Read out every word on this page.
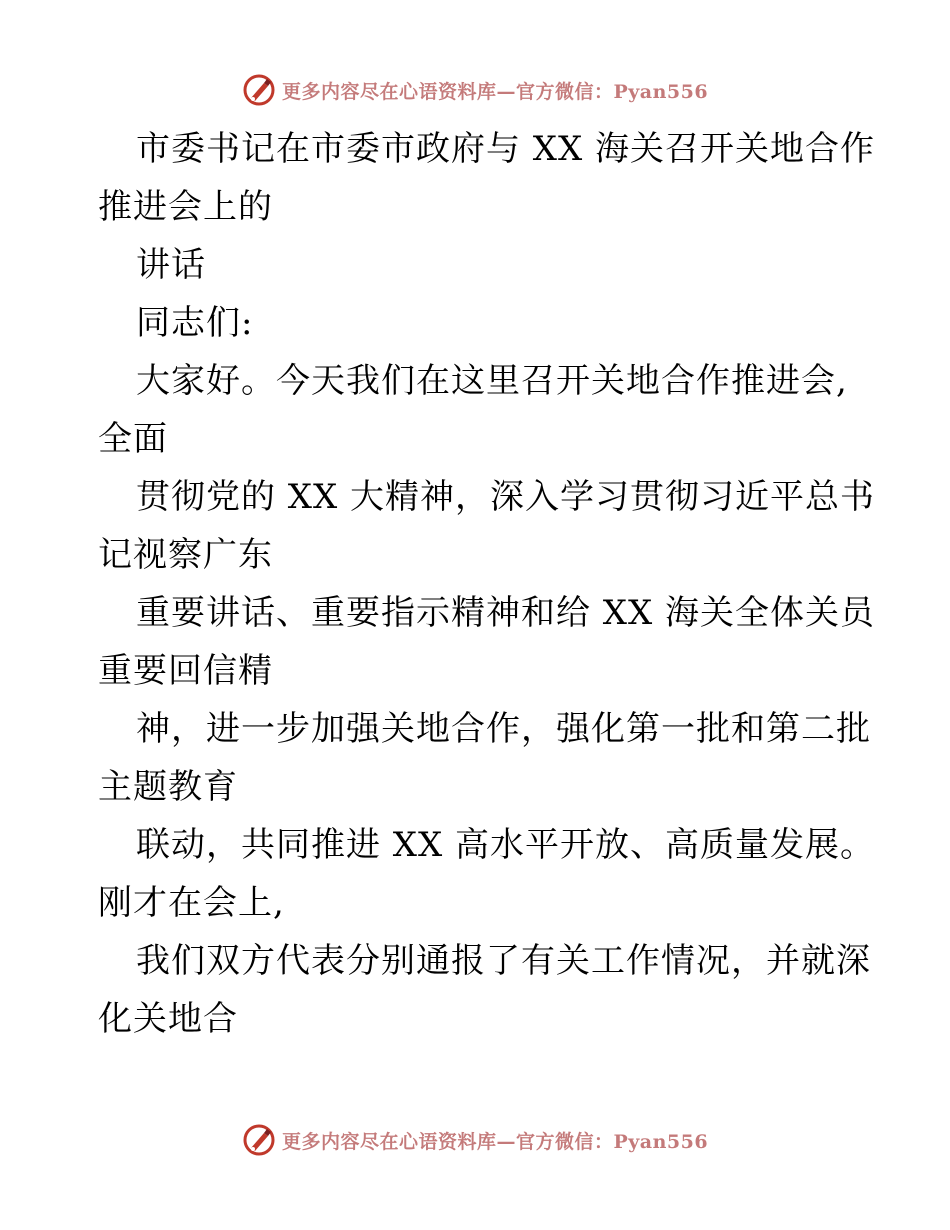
更多内容尽在心语资料库—官方微信：Pyan556
市委书记在市委市政府与 XX 海关召开关地合作
推进会上的
讲话
同志们:
大家好。今天我们在这里召开关地合作推进会,
全面
贯彻党的 XX 大精神，深入学习贯彻习近平总书
记视察广东
重要讲话、重要指示精神和给 XX 海关全体关员
重要回信精
神，进一步加强关地合作，强化第一批和第二批
主题教育
联动，共同推进 XX 高水平开放、高质量发展。
刚才在会上,
我们双方代表分别通报了有关工作情况，并就深
化关地合
更多内容尽在心语资料库—官方微信：Pyan556
